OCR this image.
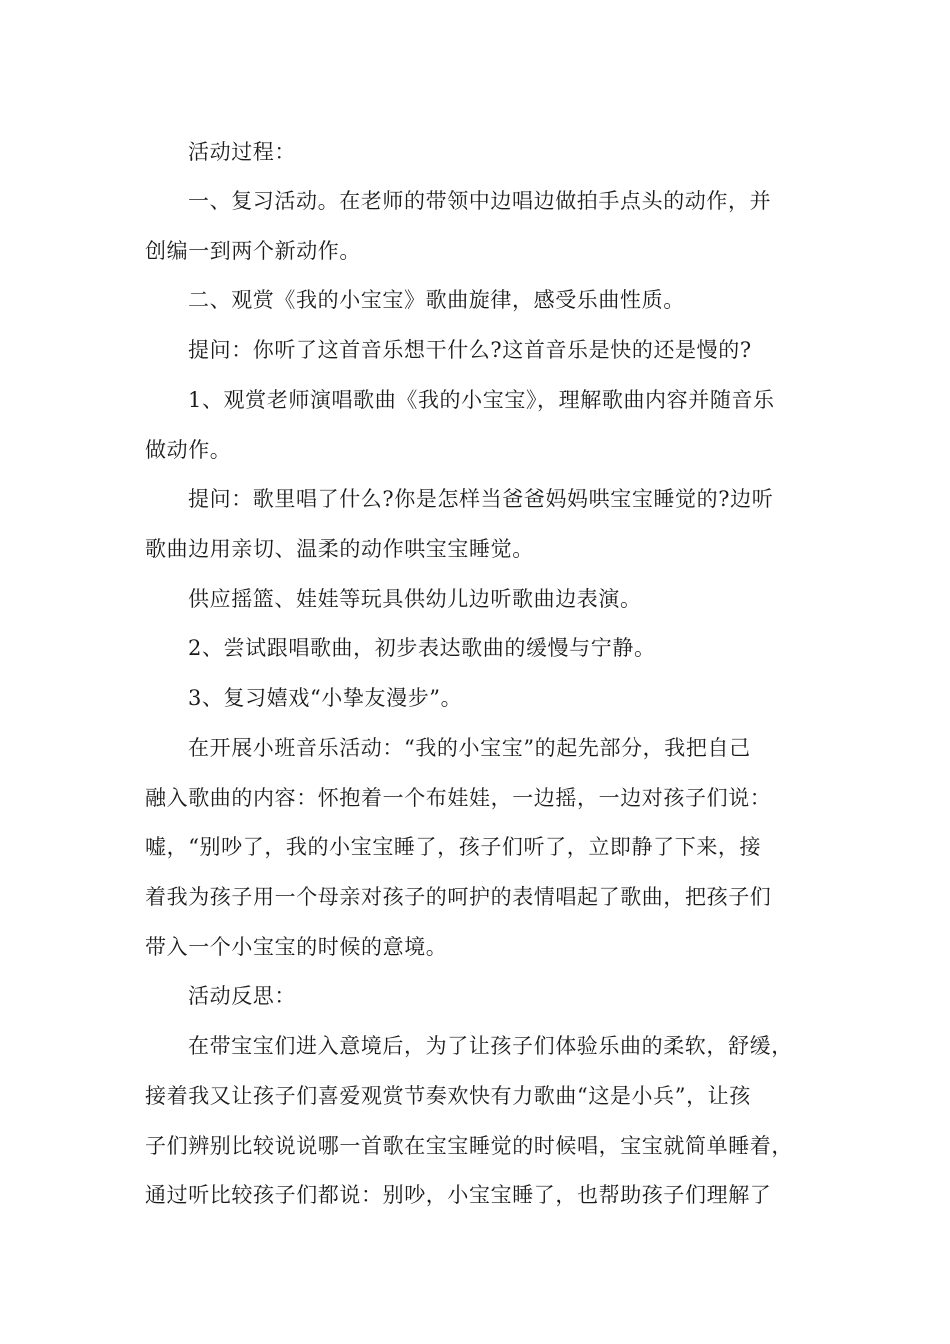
活动过程：
一、复习活动。在老师的带领中边唱边做拍手点头的动作，并
创编一到两个新动作。
二、观赏《我的小宝宝》歌曲旋律，感受乐曲性质。
提问：你听了这首音乐想干什么?这首音乐是快的还是慢的?
1、观赏老师演唱歌曲《我的小宝宝》，理解歌曲内容并随音乐
做动作。
提问：歌里唱了什么?你是怎样当爸爸妈妈哄宝宝睡觉的?边听
歌曲边用亲切、温柔的动作哄宝宝睡觉。
供应摇篮、娃娃等玩具供幼儿边听歌曲边表演。
2、尝试跟唱歌曲，初步表达歌曲的缓慢与宁静。
3、复习嬉戏“小挚友漫步”。
在开展小班音乐活动：“我的小宝宝”的起先部分，我把自己
融入歌曲的内容：怀抱着一个布娃娃，一边摇，一边对孩子们说：
嘘，“别吵了，我的小宝宝睡了，孩子们听了，立即静了下来，接
着我为孩子用一个母亲对孩子的呵护的表情唱起了歌曲，把孩子们
带入一个小宝宝的时候的意境。
活动反思：
在带宝宝们进入意境后，为了让孩子们体验乐曲的柔软，舒缓，
接着我又让孩子们喜爱观赏节奏欢快有力歌曲“这是小兵”，让孩
子们辨别比较说说哪一首歌在宝宝睡觉的时候唱，宝宝就简单睡着，
通过听比较孩子们都说：别吵，小宝宝睡了，也帮助孩子们理解了
